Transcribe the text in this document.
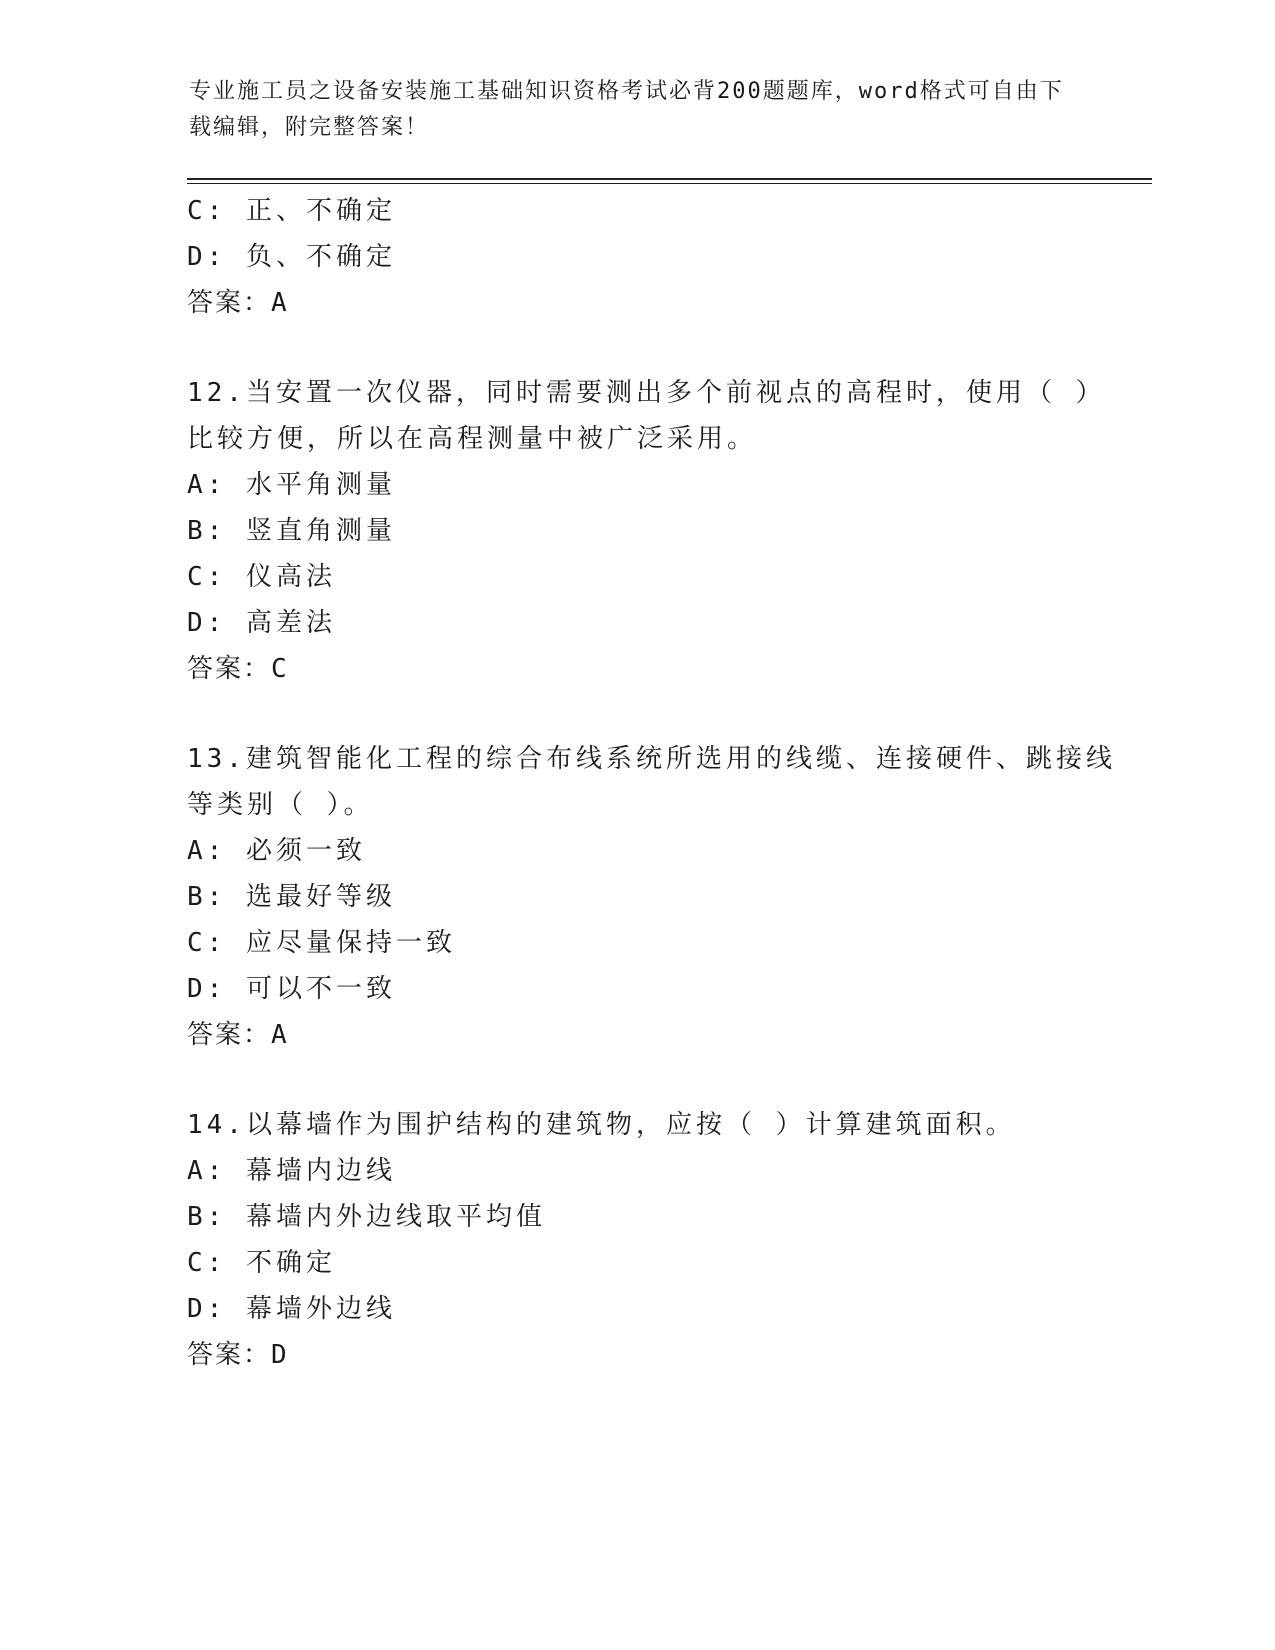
专业施工员之设备安装施工基础知识资格考试必背200题题库，word格式可自由下载编辑，附完整答案！
C: 正、不确定
D: 负、不确定
答案：A
12.当安置一次仪器，同时需要测出多个前视点的高程时，使用（ ）
比较方便，所以在高程测量中被广泛采用。
A: 水平角测量
B: 竖直角测量
C: 仪高法
D: 高差法
答案：C
13.建筑智能化工程的综合布线系统所选用的线缆、连接硬件、跳接线
等类别（ ）。
A: 必须一致
B: 选最好等级
C: 应尽量保持一致
D: 可以不一致
答案：A
14.以幕墙作为围护结构的建筑物，应按（ ）计算建筑面积。
A: 幕墙内边线
B: 幕墙内外边线取平均值
C: 不确定
D: 幕墙外边线
答案：D
